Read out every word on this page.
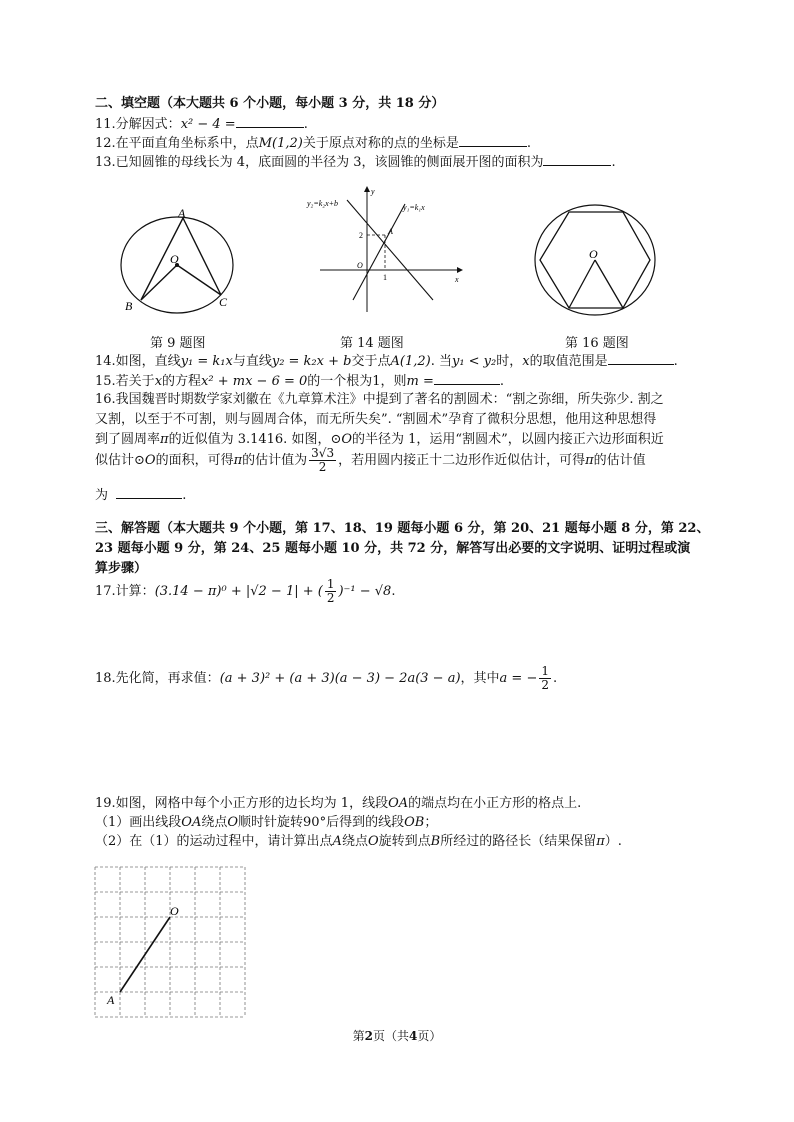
二、填空题（本大题共 6 个小题，每小题 3 分，共 18 分）
11.分解因式：x² − 4 =	.
12.在平面直角坐标系中，点M(1,2)关于原点对称的点的坐标是	.
13.已知圆锥的母线长为 4，底面圆的半径为 3，该圆锥的侧面展开图的面积为	.
A
O
B	C
y₂=k₂x+b	y₁=k₁x
y
x
A
O
2
1
O
第 9 题图	第 14 题图	第 16 题图
14.如图，直线y₁ = k₁x与直线y₂ = k₂x + b交于点A(1,2). 当y₁ < y₂时，x的取值范围是	.
15.若关于x的方程x² + mx − 6 = 0的一个根为1，则m =	.
16.我国魏晋时期数学家刘徽在《九章算术注》中提到了著名的割圆术：“割之弥细，所失弥少. 割之
又割，以至于不可割，则与圆周合体，而无所失矣”. “割圆术”孕育了微积分思想，他用这种思想得
到了圆周率π的近似值为 3.1416. 如图，⊙O的半径为 1，运用“割圆术”，以圆内接正六边形面积近
似估计⊙O的面积，可得π的估计值为 $\frac{3√3}{2}$ ，若用圆内接正十二边形作近似估计，可得π的估计值
为	.
三、解答题（本大题共 9 个小题，第 17、18、19 题每小题 6 分，第 20、21 题每小题 8 分，第 22、
23 题每小题 9 分，第 24、25 题每小题 10 分，共 72 分，解答写出必要的文字说明、证明过程或演
算步骤）
17.计算：(3.14 − π)⁰ + |√2 − 1| + ( $\frac{1}{2} )^{-1} - √8$.
18.先化简，再求值：(a + 3)² + (a + 3)(a − 3) − 2a(3 − a)，其中a = − $\frac{1}{2}$ .
19.如图，网格中每个小正方形的边长均为 1，线段OA的端点均在小正方形的格点上.
（1）画出线段OA绕点O顺时针旋转90°后得到的线段OB；
（2）在（1）的运动过程中，请计算出点A绕点O旋转到点B所经过的路径长（结果保留π）.
O
A
第2页（共4页）
